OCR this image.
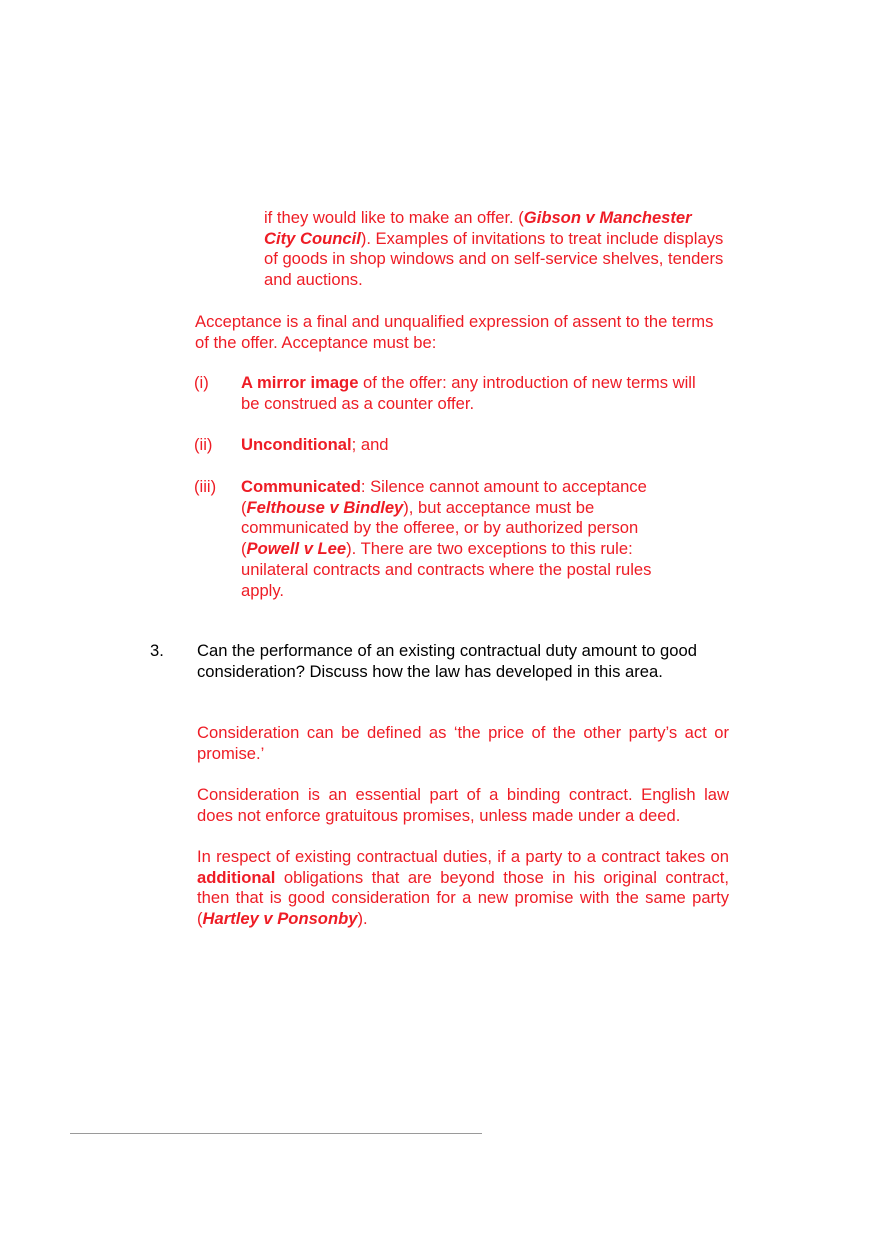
if they would like to make an offer. (Gibson v Manchester
City Council). Examples of invitations to treat include displays of goods in shop windows and on self-service shelves, tenders and auctions.

Acceptance is a final and unqualified expression of assent to the terms of the offer. Acceptance must be:

(i) A mirror image of the offer: any introduction of new terms will be construed as a counter offer.
(ii) Unconditional; and
(iii) Communicated: Silence cannot amount to acceptance (Felthouse v Bindley), but acceptance must be communicated by the offeree, or by authorized person (Powell v Lee). There are two exceptions to this rule: unilateral contracts and contracts where the postal rules apply.
3. Can the performance of an existing contractual duty amount to good consideration? Discuss how the law has developed in this area.

Consideration can be defined as ‘the price of the other party’s act or promise.’

Consideration is an essential part of a binding contract. English law does not enforce gratuitous promises, unless made under a deed.

In respect of existing contractual duties, if a party to a contract takes on additional obligations that are beyond those in his original contract, then that is good consideration for a new promise with the same party (Hartley v Ponsonby).
